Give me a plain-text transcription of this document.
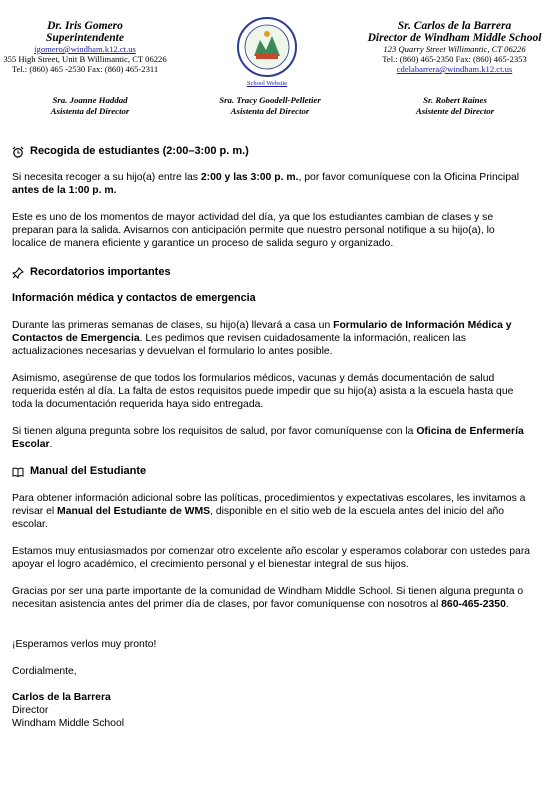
Dr. Iris Gomero
Superintendente
igomero@windham.k12.ct.us
355 High Street, Unit B Willimantic, CT 06226
Tel.: (860) 465 -2530 Fax: (860) 465-2311
School Website
Sr. Carlos de la Barrera
Director de Windham Middle School
123 Quarry Street Willimantic, CT 06226
Tel.: (860) 465-2350 Fax: (860) 465-2353
cdelabarrera@windham.k12.ct.us
Sra. Joanne Haddad
Asistenta del Director
Sra. Tracy Goodell-Pelletier
Asistenta del Director
Sr. Robert Raines
Asistente del Director
Recogida de estudiantes (2:00–3:00 p. m.)
Si necesita recoger a su hijo(a) entre las 2:00 y las 3:00 p. m., por favor comuníquese con la Oficina Principal antes de la 1:00 p. m.
Este es uno de los momentos de mayor actividad del día, ya que los estudiantes cambian de clases y se preparan para la salida. Avisarnos con anticipación permite que nuestro personal notifique a su hijo(a), lo localice de manera eficiente y garantice un proceso de salida seguro y organizado.
Recordatorios importantes
Información médica y contactos de emergencia
Durante las primeras semanas de clases, su hijo(a) llevará a casa un Formulario de Información Médica y Contactos de Emergencia. Les pedimos que revisen cuidadosamente la información, realicen las actualizaciones necesarias y devuelvan el formulario lo antes posible.
Asimismo, asegúrense de que todos los formularios médicos, vacunas y demás documentación de salud requerida estén al día. La falta de estos requisitos puede impedir que su hijo(a) asista a la escuela hasta que toda la documentación requerida haya sido entregada.
Si tienen alguna pregunta sobre los requisitos de salud, por favor comuníquense con la Oficina de Enfermería Escolar.
Manual del Estudiante
Para obtener información adicional sobre las políticas, procedimientos y expectativas escolares, les invitamos a revisar el Manual del Estudiante de WMS, disponible en el sitio web de la escuela antes del inicio del año escolar.
Estamos muy entusiasmados por comenzar otro excelente año escolar y esperamos colaborar con ustedes para apoyar el logro académico, el crecimiento personal y el bienestar integral de sus hijos.
Gracias por ser una parte importante de la comunidad de Windham Middle School. Si tienen alguna pregunta o necesitan asistencia antes del primer día de clases, por favor comuníquense con nosotros al 860-465-2350.
¡Esperamos verlos muy pronto!
Cordialmente,
Carlos de la Barrera
Director
Windham Middle School
